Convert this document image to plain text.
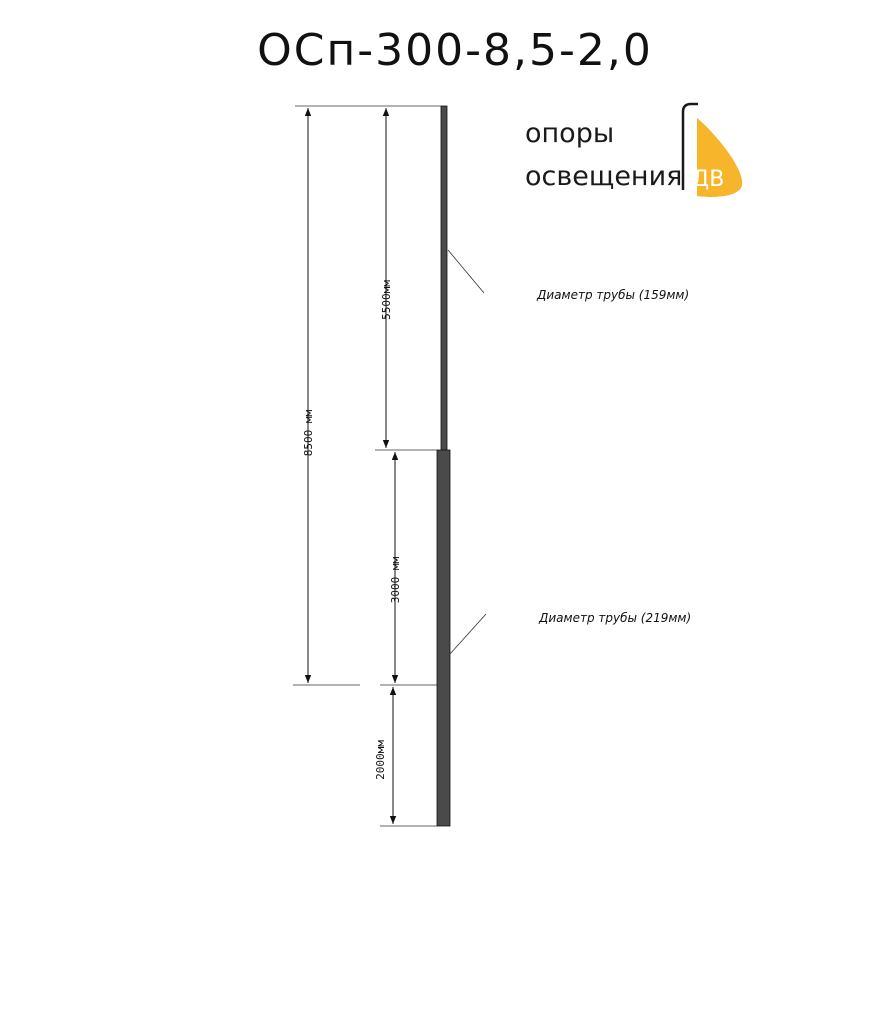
ОСп-300-8,5-2,0
опоры
освещения ДВ
8500 мм
5500мм
3000 мм
2000мм
Диаметр трубы (159мм)
Диаметр трубы (219мм)
